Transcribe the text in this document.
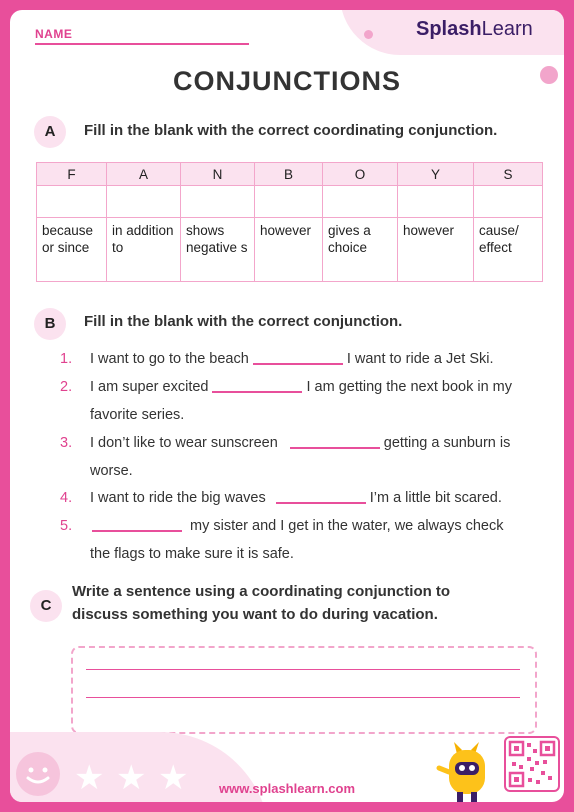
NAME	SplashLearn
CONJUNCTIONS
A	Fill in the blank with the correct coordinating conjunction.
F	A	N	B	O	Y	S

because or since	in addition to	shows negative s	however	gives a choice	however	cause/ effect
B	Fill in the blank with the correct conjunction.
1. I want to go to the beach	I want to ride a Jet Ski.
2. I am super excited	I am getting the next book in my
favorite series.
3. I don’t like to wear sunscreen	getting a sunburn is
worse.
4. I want to ride the big waves	I’m a little bit scared.
5.	my sister and I get in the water, we always check
the flags to make sure it is safe.
C
Write a sentence using a coordinating conjunction to
discuss something you want to do during vacation.
★ ★ ★	www.splashlearn.com
